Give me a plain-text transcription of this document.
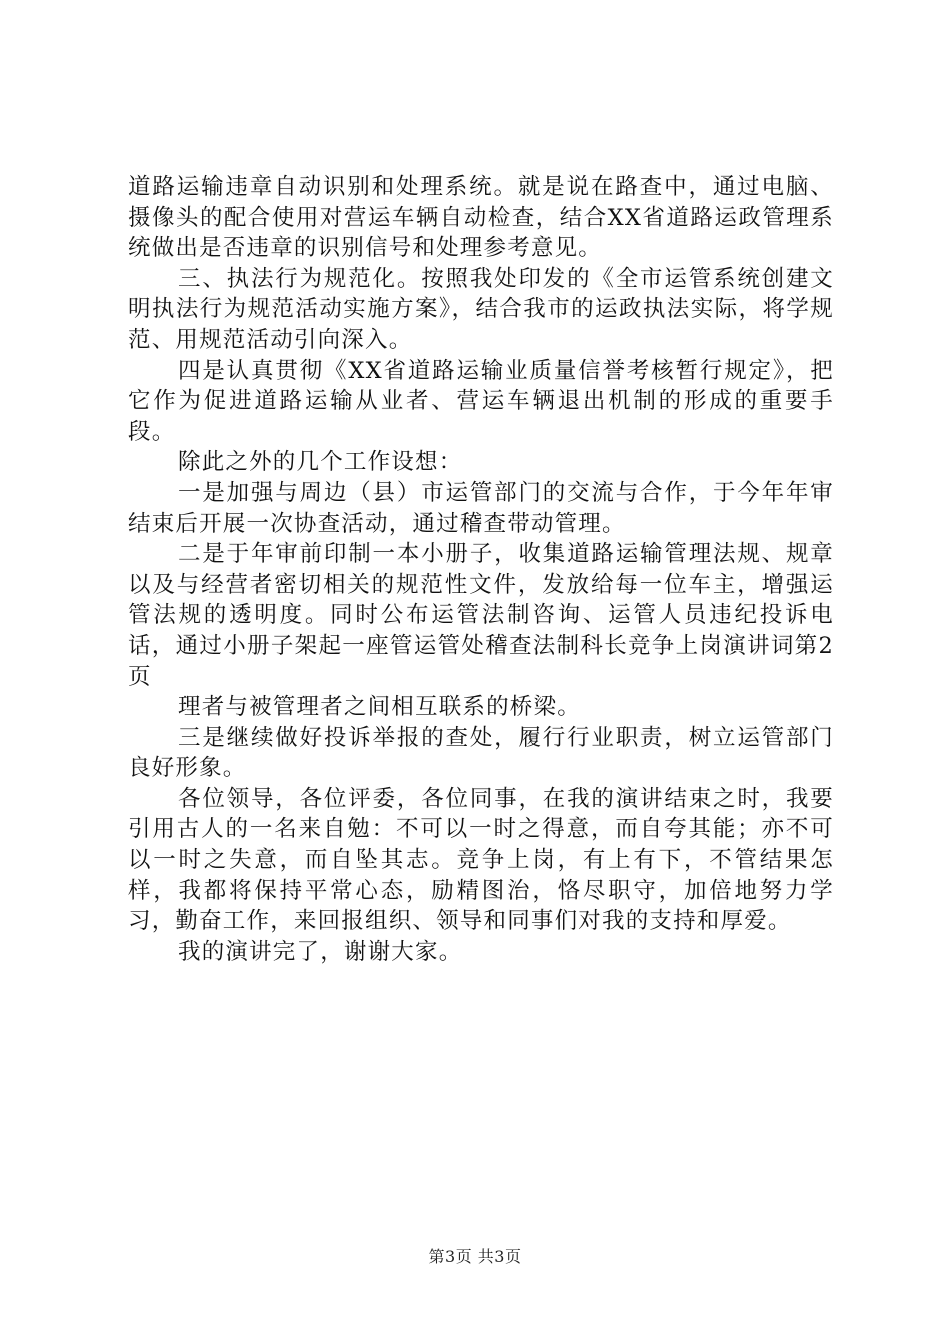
道路运输违章自动识别和处理系统。就是说在路查中，通过电脑、摄像头的配合使用对营运车辆自动检查，结合XX省道路运政管理系统做出是否违章的识别信号和处理参考意见。

三、执法行为规范化。按照我处印发的《全市运管系统创建文明执法行为规范活动实施方案》，结合我市的运政执法实际，将学规范、用规范活动引向深入。

四是认真贯彻《XX省道路运输业质量信誉考核暂行规定》，把它作为促进道路运输从业者、营运车辆退出机制的形成的重要手段。

除此之外的几个工作设想：

一是加强与周边（县）市运管部门的交流与合作，于今年年审结束后开展一次协查活动，通过稽查带动管理。

二是于年审前印制一本小册子，收集道路运输管理法规、规章以及与经营者密切相关的规范性文件，发放给每一位车主，增强运管法规的透明度。同时公布运管法制咨询、运管人员违纪投诉电话，通过小册子架起一座管运管处稽查法制科长竞争上岗演讲词第2页

理者与被管理者之间相互联系的桥梁。

三是继续做好投诉举报的查处，履行行业职责，树立运管部门良好形象。

各位领导，各位评委，各位同事，在我的演讲结束之时，我要引用古人的一名来自勉：不可以一时之得意，而自夸其能；亦不可以一时之失意，而自坠其志。竞争上岗，有上有下，不管结果怎样，我都将保持平常心态，励精图治，恪尽职守，加倍地努力学习，勤奋工作，来回报组织、领导和同事们对我的支持和厚爱。

我的演讲完了，谢谢大家。

第3页 共3页
